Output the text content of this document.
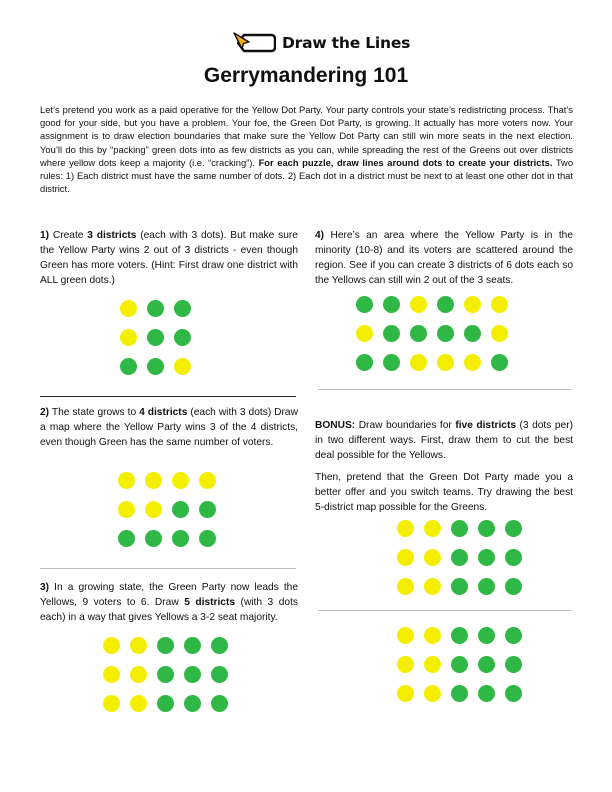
Draw the Lines
Gerrymandering 101
Let’s pretend you work as a paid operative for the Yellow Dot Party. Your party controls your state’s redistricting process. That’s good for your side, but you have a problem. Your foe, the Green Dot Party, is growing. It actually has more voters now. Your assignment is to draw election boundaries that make sure the Yellow Dot Party can still win more seats in the next election. You’ll do this by “packing” green dots into as few districts as you can, while spreading the rest of the Greens out over districts where yellow dots keep a majority (i.e. “cracking”). For each puzzle, draw lines around dots to create your districts. Two rules: 1) Each district must have the same number of dots. 2) Each dot in a district must be next to at least one other dot in that district.

1) Create 3 districts (each with 3 dots). But make sure the Yellow Party wins 2 out of 3 districts - even though Green has more voters. (Hint: First draw one district with ALL green dots.)

2) The state grows to 4 districts (each with 3 dots) Draw a map where the Yellow Party wins 3 of the 4 districts, even though Green has the same number of voters.

3) In a growing state, the Green Party now leads the Yellows, 9 voters to 6. Draw 5 districts (with 3 dots each) in a way that gives Yellows a 3-2 seat majority.

4) Here’s an area where the Yellow Party is in the minority (10-8) and its voters are scattered around the region. See if you can create 3 districts of 6 dots each so the Yellows can still win 2 out of the 3 seats.

BONUS: Draw boundaries for five districts (3 dots per) in two different ways. First, draw them to cut the best deal possible for the Yellows.

Then, pretend that the Green Dot Party made you a better offer and you switch teams. Try drawing the best 5-district map possible for the Greens.
